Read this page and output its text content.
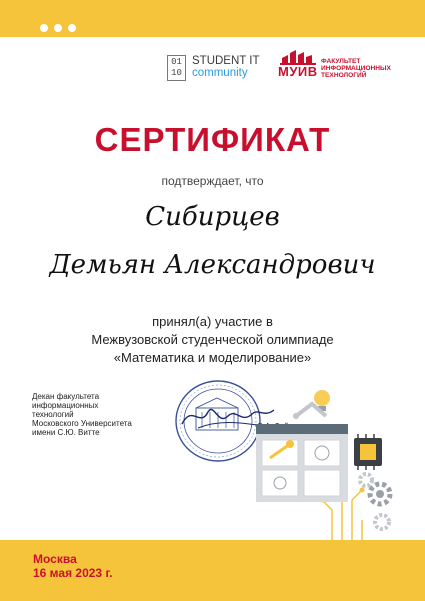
01
10
STUDENT IT
community МУИВ
ФАКУЛЬТЕТ
ИНФОРМАЦИОННЫХ
ТЕХНОЛОГИЙ
СЕРТИФИКАТ
подтверждает, что
Сибирцев
Демьян Александрович
принял(а) участие в
Межвузовской студенческой олимпиаде
«Математика и моделирование»
Декан факультета
информационных
технологий
Московского Университета
имени С.Ю. Витте
Москва
16 мая 2023 г.
